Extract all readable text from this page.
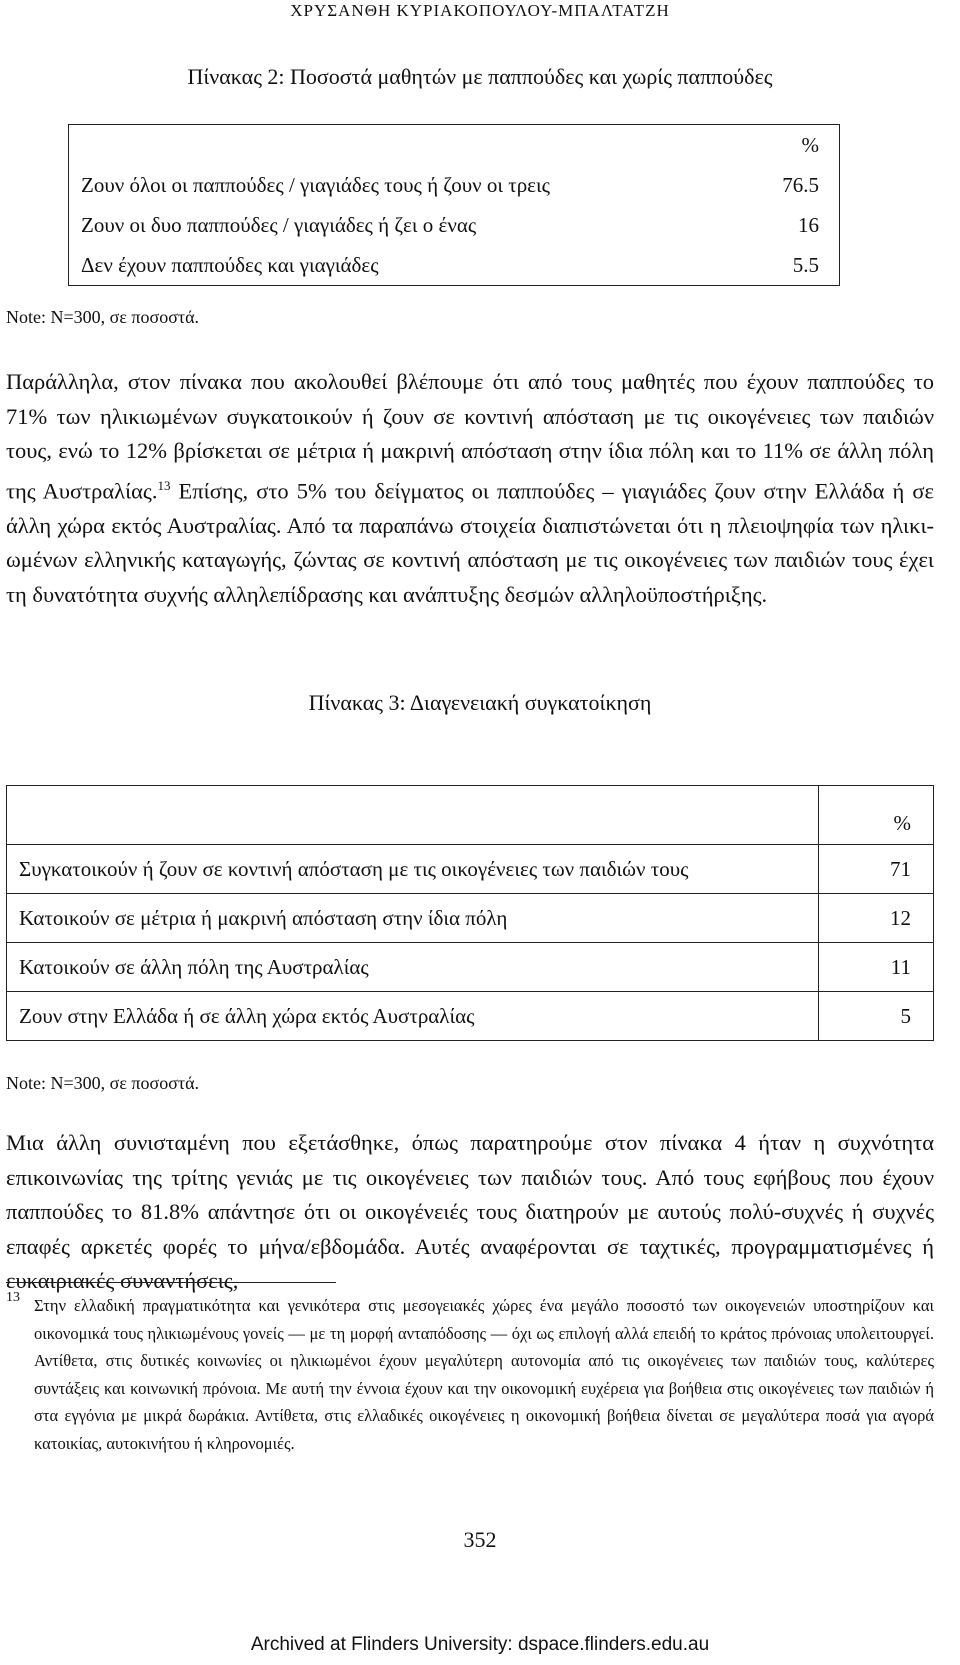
ΧΡΥΣΑΝΘΗ ΚΥΡΙΑΚΟΠΟΥΛΟΥ-ΜΠΑΛΤΑΤΖΗ
Πίνακας 2: Ποσοστά μαθητών με παππούδες και χωρίς παππούδες
	%
Ζουν όλοι οι παππούδες / γιαγιάδες τους ή ζουν οι τρεις	76.5
Ζουν οι δυο παππούδες / γιαγιάδες ή ζει ο ένας	16
Δεν έχουν παππούδες και γιαγιάδες	5.5
Note: N=300, σε ποσοστά.
Παράλληλα, στον πίνακα που ακολουθεί βλέπουμε ότι από τους μαθητές που έχουν παππούδες το 71% των ηλικιωμένων συγκατοικούν ή ζουν σε κοντινή απόσταση με τις οικογένειες των παιδιών τους, ενώ το 12% βρίσκεται σε μέτρια ή μακρινή απόσταση στην ίδια πόλη και το 11% σε άλλη πόλη της Αυστραλίας.$^{13}$ Επίσης, στο 5% του δείγματος οι παππούδες – γιαγιάδες ζουν στην Ελλάδα ή σε άλλη χώρα εκτός Αυστραλίας. Από τα παραπάνω στοιχεία διαπιστώνεται ότι η πλειοψηφία των ηλικιωμένων ελληνικής καταγωγής, ζώντας σε κοντινή απόσταση με τις οικογένειες των παιδιών τους έχει τη δυνατότητα συχνής αλληλεπίδρασης και ανάπτυξης δεσμών αλληλοϋποστήριξης.
Πίνακας 3: Διαγενειακή συγκατοίκηση
	%
Συγκατοικούν ή ζουν σε κοντινή απόσταση με τις οικογένειες των παιδιών τους	71
Κατοικούν σε μέτρια ή μακρινή απόσταση στην ίδια πόλη	12
Κατοικούν σε άλλη πόλη της Αυστραλίας	11
Ζουν στην Ελλάδα ή σε άλλη χώρα εκτός Αυστραλίας	5
Note: N=300, σε ποσοστά.
Μια άλλη συνισταμένη που εξετάσθηκε, όπως παρατηρούμε στον πίνακα 4 ήταν η συχνότητα επικοινωνίας της τρίτης γενιάς με τις οικογένειες των παιδιών τους. Από τους εφήβους που έχουν παππούδες το 81.8% απάντησε ότι οι οικογένειές τους διατηρούν με αυτούς πολύ-συχνές ή συχνές επαφές αρκετές φορές το μήνα/εβδομάδα. Αυτές αναφέρονται σε ταχτικές, προγραμματισμένες ή ευκαιριακές συναντήσεις,
13 Στην ελλαδική πραγματικότητα και γενικότερα στις μεσογειακές χώρες ένα μεγάλο ποσοστό των οικογενειών υποστηρίζουν και οικονομικά τους ηλικιωμένους γονείς — με τη μορφή ανταπόδοσης — όχι ως επιλογή αλλά επειδή το κράτος πρόνοιας υπολειτουργεί. Αντίθετα, στις δυτικές κοινωνίες οι ηλικιωμένοι έχουν μεγαλύτερη αυτονομία από τις οικογένειες των παιδιών τους, καλύτερες συντάξεις και κοινωνική πρόνοια. Με αυτή την έννοια έχουν και την οικονομική ευχέρεια για βοήθεια στις οικογένειες των παιδιών ή στα εγγόνια με μικρά δωράκια. Αντίθετα, στις ελλαδικές οικογένειες η οικονομική βοήθεια δίνεται σε μεγαλύτερα ποσά για αγορά κατοικίας, αυτοκινήτου ή κληρονομιές.
352
Archived at Flinders University: dspace.flinders.edu.au
